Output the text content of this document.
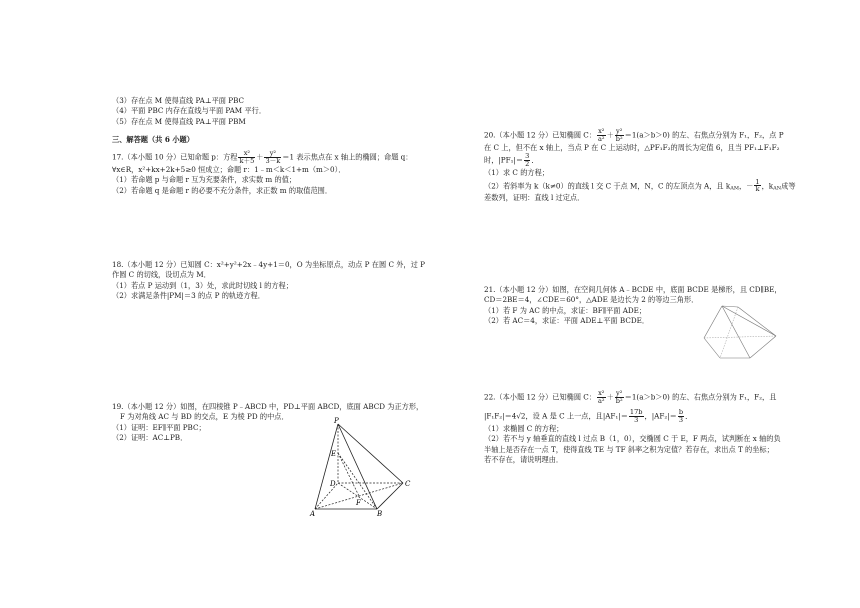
（3）存在点 M 使得直线 PA⊥平面 PBC
（4）平面 PBC 内存在直线与平面 PAM 平行．
（5）存在点 M 使得直线 PA⊥平面 PBM
三、解答题（共 6 小题）
17.（本小题 10 分）已知命题 p：方程 $\frac{\text{x²}}{k+5} + \frac{\text{y²}}{3-k} =1$ 表示焦点在 x 轴上的椭圆；命题 q：
∀x∈R，x²+kx+2k+5≥0 恒成立；命题 r：1﹣m＜k＜1+m（m＞0）．
（1）若命题 p 与命题 r 互为充要条件，求实数 m 的值；
（2）若命题 q 是命题 r 的必要不充分条件，求正数 m 的取值范围．
18.（本小题 12 分）已知圆 C：x²+y²+2x﹣4y+1＝0，O 为坐标原点，动点 P 在圆 C 外，过 P
作圆 C 的切线，设切点为 M．
（1）若点 P 运动到（1，3）处，求此时切线 l 的方程；
（2）求满足条件|PM|＝3 的点 P 的轨迹方程．
19.（本小题 12 分）如图，在四棱锥 P﹣ABCD 中，PD⊥平面 ABCD，底面 ABCD 为正方形，
F 为对角线 AC 与 BD 的交点，E 为棱 PD 的中点．
（1）证明：EF∥平面 PBC；
（2）证明：AC⊥PB．
P
E
D	C
F
A	B
20.（本小题 12 分）已知椭圆 C： $\frac{\text{x²}}{\text{a²}} + \frac{\text{y²}}{\text{b²}} =1(a>b>0)$ 的左、右焦点分别为 F₁，F₂，点 P
在 C 上，但不在 x 轴上，当点 P 在 C 上运动时，△PF₁F₂的周长为定值 6，且当 PF₁⊥F₁F₂
时，$|PF_1|= \frac{3}{2}$ ．
（1）求 C 的方程；
（2）若斜率为 k（k≠0）的直线 l 交 C 于点 M，N，C 的左顶点为 A，且 $k_{AM}$，－ $\frac{1}{k}$ ，$k_{AN}$成等
差数列，证明：直线 l 过定点．
21.（本小题 12 分）如图，在空间几何体 A﹣BCDE 中，底面 BCDE 是梯形，且 CD∥BE，
CD＝2BE＝4，∠CDE＝60°，△ADE 是边长为 2 的等边三角形．
（1）若 F 为 AC 的中点，求证：BF∥平面 ADE；
（2）若 AC＝4，求证：平面 ADE⊥平面 BCDE．
22.（本小题 12 分）已知椭圆 C： $\frac{\text{x²}}{\text{a²}} + \frac{\text{y²}}{\text{b²}} =1(a>b>0)$ 的左、右焦点分别为 F₁，F₂，且
|F₁F₂|＝4√2，设 A 是 C 上一点，且$|AF_1|= \frac{17b}{3}$ ，$|AF_2|= \frac{b}{3}$ ．
（1）求椭圆 C 的方程；
（2）若不与 y 轴垂直的直线 l 过点 B（1，0），交椭圆 C 于 E，F 两点，试判断在 x 轴的负
半轴上是否存在一点 T，使得直线 TE 与 TF 斜率之积为定值？若存在，求出点 T 的坐标；
若不存在，请说明理由．
